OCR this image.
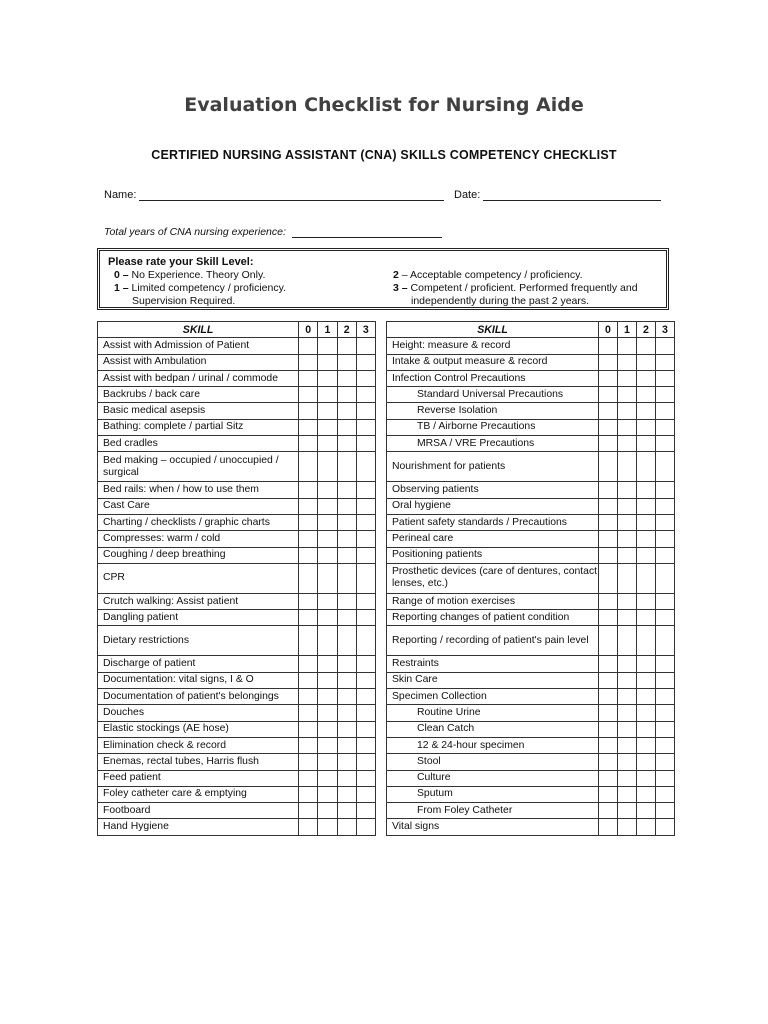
Evaluation Checklist for Nursing Aide
CERTIFIED NURSING ASSISTANT (CNA) SKILLS COMPETENCY CHECKLIST
Name:	Date:
Total years of CNA nursing experience:
Please rate your Skill Level:
0 – No Experience. Theory Only.
1 – Limited competency / proficiency.
Supervision Required.
2 – Acceptable competency / proficiency.
3 – Competent / proficient. Performed frequently and
independently during the past 2 years.
SKILL	0	1	2	3
Assist with Admission of Patient				
Assist with Ambulation				
Assist with bedpan / urinal / commode				
Backrubs / back care				
Basic medical asepsis				
Bathing: complete / partial Sitz				
Bed cradles				
Bed making – occupied / unoccupied / surgical				
Bed rails: when / how to use them				
Cast Care				
Charting / checklists / graphic charts				
Compresses: warm / cold				
Coughing / deep breathing				
CPR				
Crutch walking: Assist patient				
Dangling patient				
Dietary restrictions				
Discharge of patient				
Documentation: vital signs, I & O				
Documentation of patient's belongings				
Douches				
Elastic stockings (AE hose)				
Elimination check & record				
Enemas, rectal tubes, Harris flush				
Feed patient				
Foley catheter care & emptying				
Footboard				
Hand Hygiene				
SKILL	0	1	2	3
Height: measure & record				
Intake & output measure & record				
Infection Control Precautions				
Standard Universal Precautions				
Reverse Isolation				
TB / Airborne Precautions				
MRSA / VRE Precautions				
Nourishment for patients				
Observing patients				
Oral hygiene				
Patient safety standards / Precautions				
Perineal care				
Positioning patients				
Prosthetic devices (care of dentures, contact lenses, etc.)				
Range of motion exercises				
Reporting changes of patient condition				
Reporting / recording of patient's pain level				
Restraints				
Skin Care				
Specimen Collection				
Routine Urine				
Clean Catch				
12 & 24-hour specimen				
Stool				
Culture				
Sputum				
From Foley Catheter				
Vital signs				
